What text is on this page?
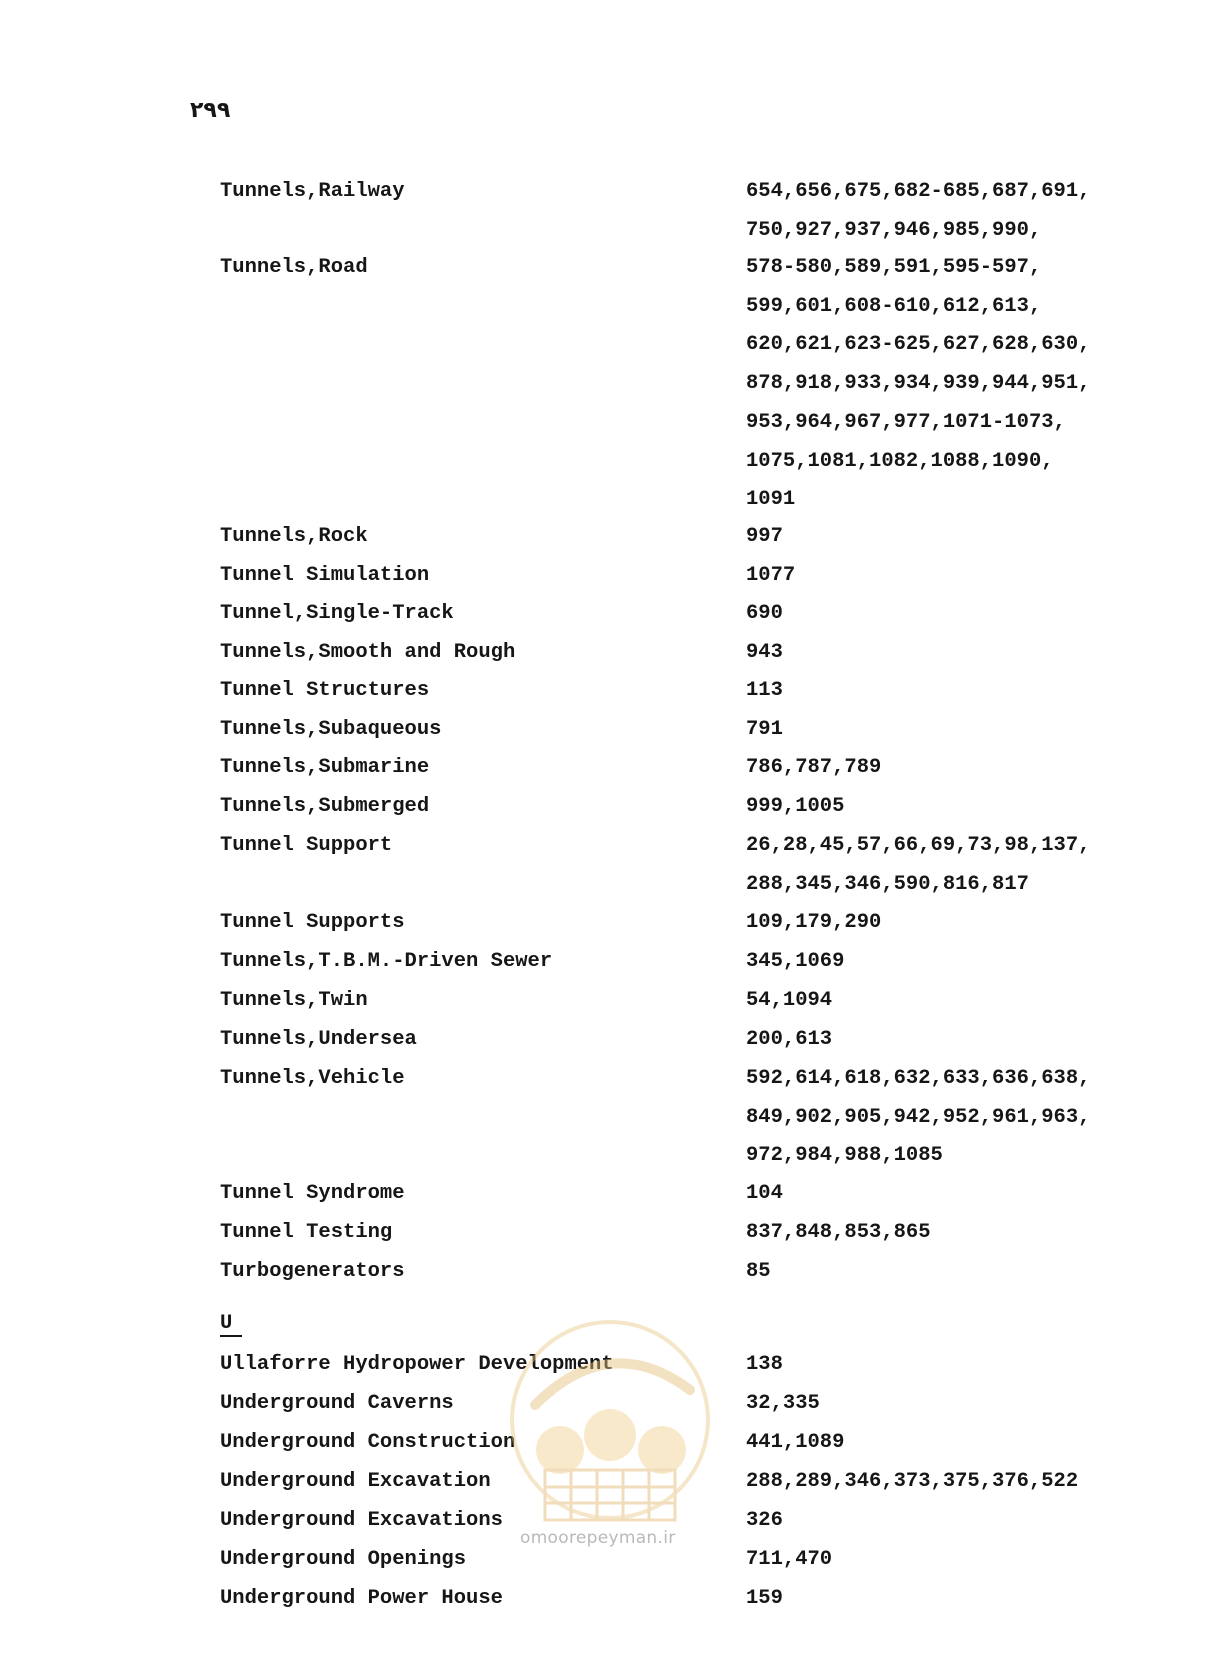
۲۹۹
Tunnels,Railway	654,656,675,682-685,687,691,
750,927,937,946,985,990,
Tunnels,Road	578-580,589,591,595-597,
599,601,608-610,612,613,
620,621,623-625,627,628,630,
878,918,933,934,939,944,951,
953,964,967,977,1071-1073,
1075,1081,1082,1088,1090,
1091
Tunnels,Rock	997
Tunnel Simulation	1077
Tunnel,Single-Track	690
Tunnels,Smooth and Rough	943
Tunnel Structures	113
Tunnels,Subaqueous	791
Tunnels,Submarine	786,787,789
Tunnels,Submerged	999,1005
Tunnel Support	26,28,45,57,66,69,73,98,137,
288,345,346,590,816,817
Tunnel Supports	109,179,290
Tunnels,T.B.M.-Driven Sewer	345,1069
Tunnels,Twin	54,1094
Tunnels,Undersea	200,613
Tunnels,Vehicle	592,614,618,632,633,636,638,
849,902,905,942,952,961,963,
972,984,988,1085
Tunnel Syndrome	104
Tunnel Testing	837,848,853,865
Turbogenerators	85
U
Ullaforre Hydropower Development	138
Underground Caverns	32,335
Underground Construction	441,1089
Underground Excavation	288,289,346,373,375,376,522
Underground Excavations	326
Underground Openings	711,470
Underground Power House	159
omoorepeyman.ir
